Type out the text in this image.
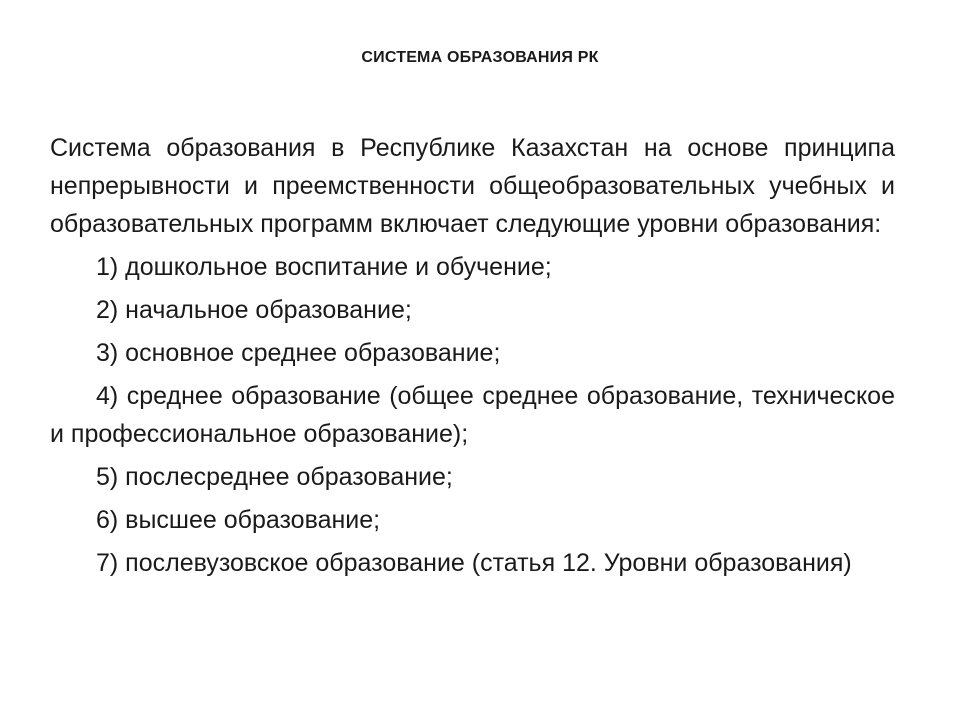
СИСТЕМА ОБРАЗОВАНИЯ РК

Система образования в Республике Казахстан на основе принципа непрерывности и преемственности общеобразовательных учебных и образовательных программ включает следующие уровни образования:

1) дошкольное воспитание и обучение;

2) начальное образование;

3) основное среднее образование;

4) среднее образование (общее среднее образование, техническое и профессиональное образование);

5) послесреднее образование;

6) высшее образование;

7) послевузовское образование (статья 12. Уровни образования)
